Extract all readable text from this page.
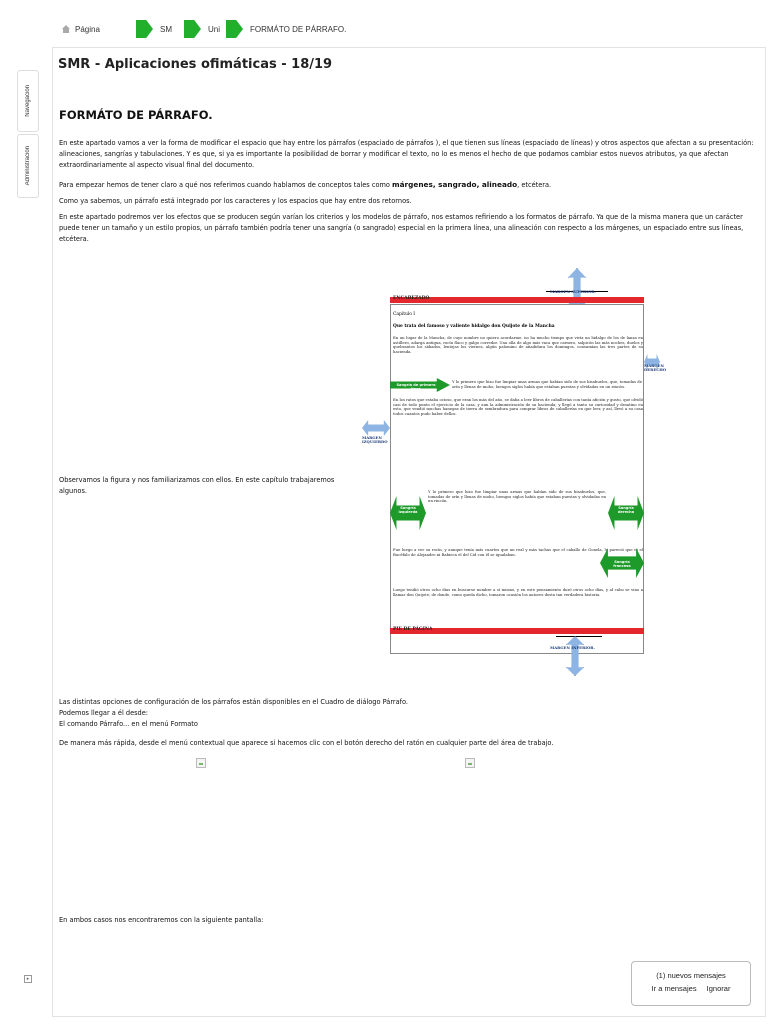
Página	SM	Uni	FORMÁTO DE PÁRRAFO.
Navegación
Administración
▸
SMR - Aplicaciones ofimáticas - 18/19
FORMÁTO DE PÁRRAFO.
En este apartado vamos a ver la forma de modificar el espacio que hay entre los párrafos (espaciado de párrafos ), el que tienen sus líneas (espaciado de líneas) y otros aspectos que afectan a su presentación: alineaciones, sangrías y tabulaciones. Y es que, si ya es importante la posibilidad de borrar y modificar el texto, no lo es menos el hecho de que podamos cambiar estos nuevos atributos, ya que afectan extraordinariamente al aspecto visual final del documento.
Para empezar hemos de tener claro a qué nos referimos cuando hablamos de conceptos tales como márgenes, sangrado, alineado, etcétera.
Como ya sabemos, un párrafo está integrado por los caracteres y los espacios que hay entre dos retornos.
En este apartado podremos ver los efectos que se producen según varían los criterios y los modelos de párrafo, nos estamos refiriendo a los formatos de párrafo. Ya que de la misma manera que un carácter puede tener un tamaño y un estilo propios, un párrafo también podría tener una sangría (o sangrado) especial en la primera línea, una alineación con respecto a los márgenes, un espaciado entre sus líneas, etcétera.
Observamos la figura y nos familiarizamos con ellos. En este capítulo trabajaremos algunos.
MARGEN SUPERIOR.
ENCABEZADO
Capítulo I
Que trata del famoso y valiente hidalgo don Quijote de la Mancha
En un lugar de la Mancha, de cuyo nombre no quiero acordarme, no ha mucho tiempo que vivía un hidalgo de los de lanza en astillero, adarga antigua, rocín flaco y galgo corredor. Una olla de algo más vaca que carnero, salpicón las más noches, duelos y quebrantos los sábados, lentejas los viernes, algún palomino de añadidura los domingos, consumían las tres partes de su hacienda.
Sangría de primera línea
Y lo primero que hizo fue limpiar unas armas que habían sido de sus bisabuelos, que, tomadas de orín y llenas de moho, luengos siglos había que estaban puestas y olvidadas en un rincón.
En los ratos que estaba ocioso, que eran los más del año, se daba a leer libros de caballerías con tanta afición y gusto, que olvidó casi de todo punto el ejercicio de la caza, y aun la administración de su hacienda; y llegó a tanto su curiosidad y desatino en esto, que vendió muchas hanegas de tierra de sembradura para comprar libros de caballerías en que leer, y así, llevó a su casa todos cuantos pudo haber dellos.
MARGEN IZQUIERDO
MARGEN DERECHO
Sangría izquierda
Y lo primero que hizo fue limpiar unas armas que habían sido de sus bisabuelos, que, tomadas de orín y llenas de moho, luengos siglos había que estaban puestas y olvidadas en un rincón.
Sangría derecha
Fue luego a ver su rocín, y aunque tenía más cuartos que un real y más tachas que el caballo de Gonela, le pareció que ni el Bucéfalo de Alejandro ni Babieca el del Cid con él se igualaban.
Sangría francesa
Luego tendió otros ocho días en buscarse nombre a sí mismo, y en este pensamiento duró otros ocho días, y al cabo se vino a llamar don Quijote; de donde, como queda dicho, tomaron ocasión los autores desta tan verdadera historia.
PIE DE PÁGINA
MARGEN INFERIOR.
Las distintas opciones de configuración de los párrafos están disponibles en el Cuadro de diálogo Párrafo.
Podemos llegar a él desde:
El comando Párrafo... en el menú Formato
De manera más rápida, desde el menú contextual que aparece si hacemos clic con el botón derecho del ratón en cualquier parte del área de trabajo.
En ambos casos nos encontraremos con la siguiente pantalla:
(1) nuevos mensajes
Ir a mensajes Ignorar
